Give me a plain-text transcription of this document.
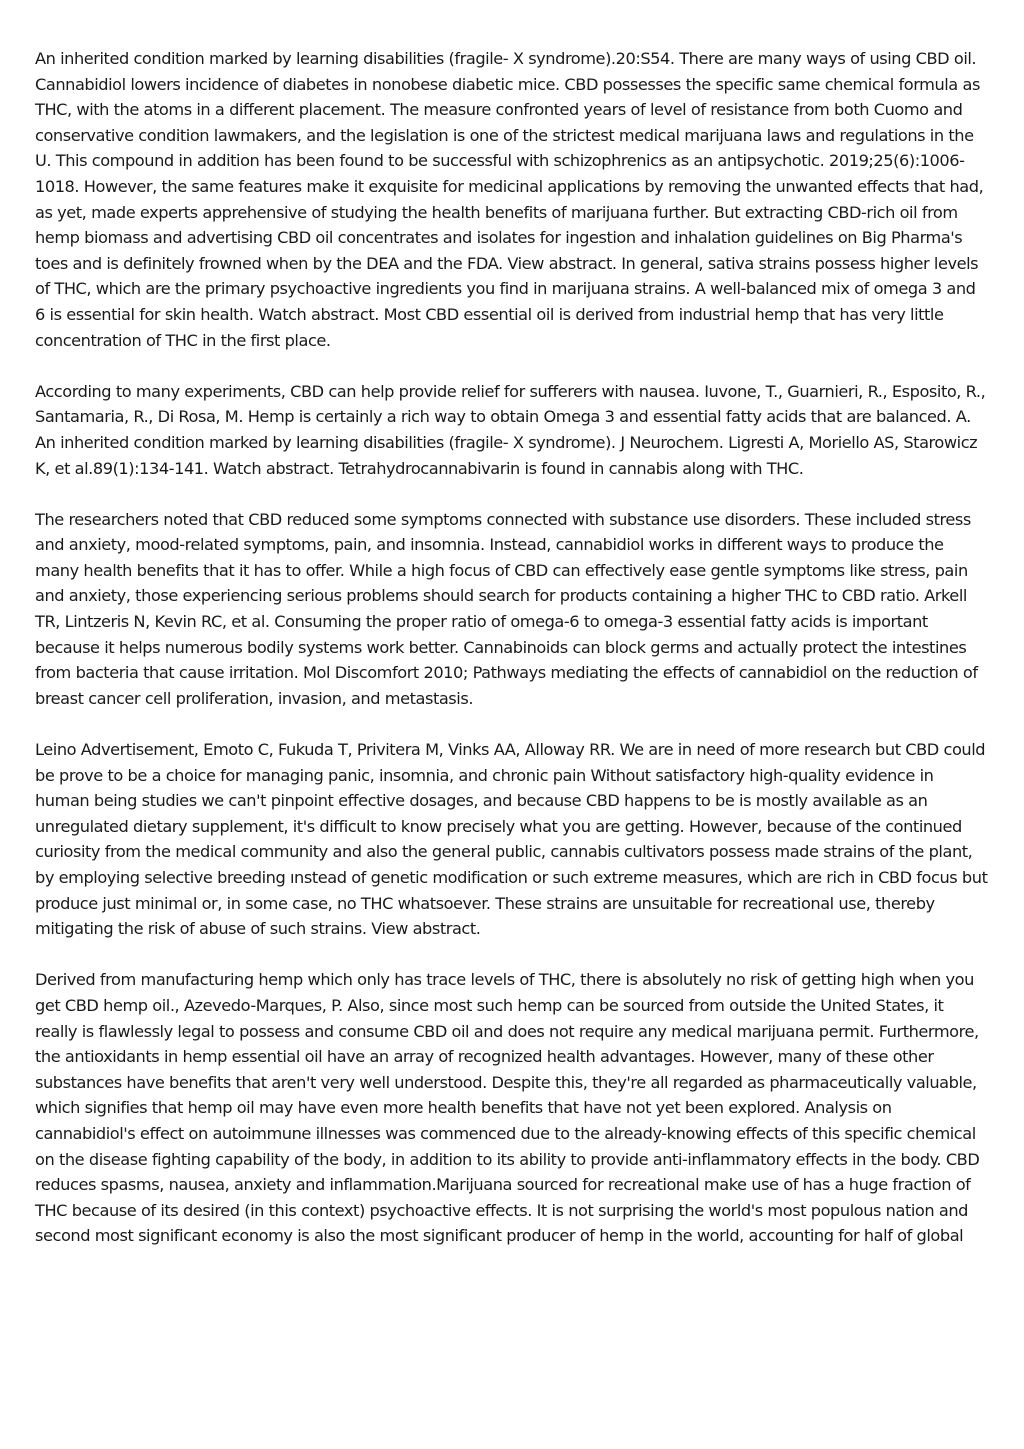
An inherited condition marked by learning disabilities (fragile- X syndrome).20:S54. There are many ways of using CBD oil. Cannabidiol lowers incidence of diabetes in nonobese diabetic mice. CBD possesses the specific same chemical formula as THC, with the atoms in a different placement. The measure confronted years of level of resistance from both Cuomo and conservative condition lawmakers, and the legislation is one of the strictest medical marijuana laws and regulations in the U. This compound in addition has been found to be successful with schizophrenics as an antipsychotic. 2019;25(6):1006-1018. However, the same features make it exquisite for medicinal applications by removing the unwanted effects that had, as yet, made experts apprehensive of studying the health benefits of marijuana further. But extracting CBD-rich oil from hemp biomass and advertising CBD oil concentrates and isolates for ingestion and inhalation guidelines on Big Pharma's toes and is definitely frowned when by the DEA and the FDA. View abstract. In general, sativa strains possess higher levels of THC, which are the primary psychoactive ingredients you find in marijuana strains. A well-balanced mix of omega 3 and 6 is essential for skin health. Watch abstract. Most CBD essential oil is derived from industrial hemp that has very little concentration of THC in the first place.

According to many experiments, CBD can help provide relief for sufferers with nausea. Iuvone, T., Guarnieri, R., Esposito, R., Santamaria, R., Di Rosa, M. Hemp is certainly a rich way to obtain Omega 3 and essential fatty acids that are balanced. A. An inherited condition marked by learning disabilities (fragile- X syndrome). J Neurochem. Ligresti A, Moriello AS, Starowicz K, et al.89(1):134-141. Watch abstract. Tetrahydrocannabivarin is found in cannabis along with THC.

The researchers noted that CBD reduced some symptoms connected with substance use disorders. These included stress and anxiety, mood-related symptoms, pain, and insomnia. Instead, cannabidiol works in different ways to produce the many health benefits that it has to offer. While a high focus of CBD can effectively ease gentle symptoms like stress, pain and anxiety, those experiencing serious problems should search for products containing a higher THC to CBD ratio. Arkell TR, Lintzeris N, Kevin RC, et al. Consuming the proper ratio of omega-6 to omega-3 essential fatty acids is important because it helps numerous bodily systems work better. Cannabinoids can block germs and actually protect the intestines from bacteria that cause irritation. Mol Discomfort 2010; Pathways mediating the effects of cannabidiol on the reduction of breast cancer cell proliferation, invasion, and metastasis.

Leino Advertisement, Emoto C, Fukuda T, Privitera M, Vinks AA, Alloway RR. We are in need of more research but CBD could be prove to be a choice for managing panic, insomnia, and chronic pain Without satisfactory high-quality evidence in human being studies we can't pinpoint effective dosages, and because CBD happens to be is mostly available as an unregulated dietary supplement, it's difficult to know precisely what you are getting. However, because of the continued curiosity from the medical community and also the general public, cannabis cultivators possess made strains of the plant, by employing selective breeding ınstead of genetic modification or such extreme measures, which are rich in CBD focus but produce just minimal or, in some case, no THC whatsoever. These strains are unsuitable for recreational use, thereby mitigating the risk of abuse of such strains. View abstract.

Derived from manufacturing hemp which only has trace levels of THC, there is absolutely no risk of getting high when you get CBD hemp oil., Azevedo-Marques, P. Also, since most such hemp can be sourced from outside the United States, it really is flawlessly legal to possess and consume CBD oil and does not require any medical marijuana permit. Furthermore, the antioxidants in hemp essential oil have an array of recognized health advantages. However, many of these other substances have benefits that aren't very well understood. Despite this, they're all regarded as pharmaceutically valuable, which signifies that hemp oil may have even more health benefits that have not yet been explored. Analysis on cannabidiol's effect on autoimmune illnesses was commenced due to the already-knowing effects of this specific chemical on the disease fighting capability of the body, in addition to its ability to provide anti-inflammatory effects in the body. CBD reduces spasms, nausea, anxiety and inflammation.Marijuana sourced for recreational make use of has a huge fraction of THC because of its desired (in this context) psychoactive effects. It is not surprising the world's most populous nation and second most significant economy is also the most significant producer of hemp in the world, accounting for half of global
